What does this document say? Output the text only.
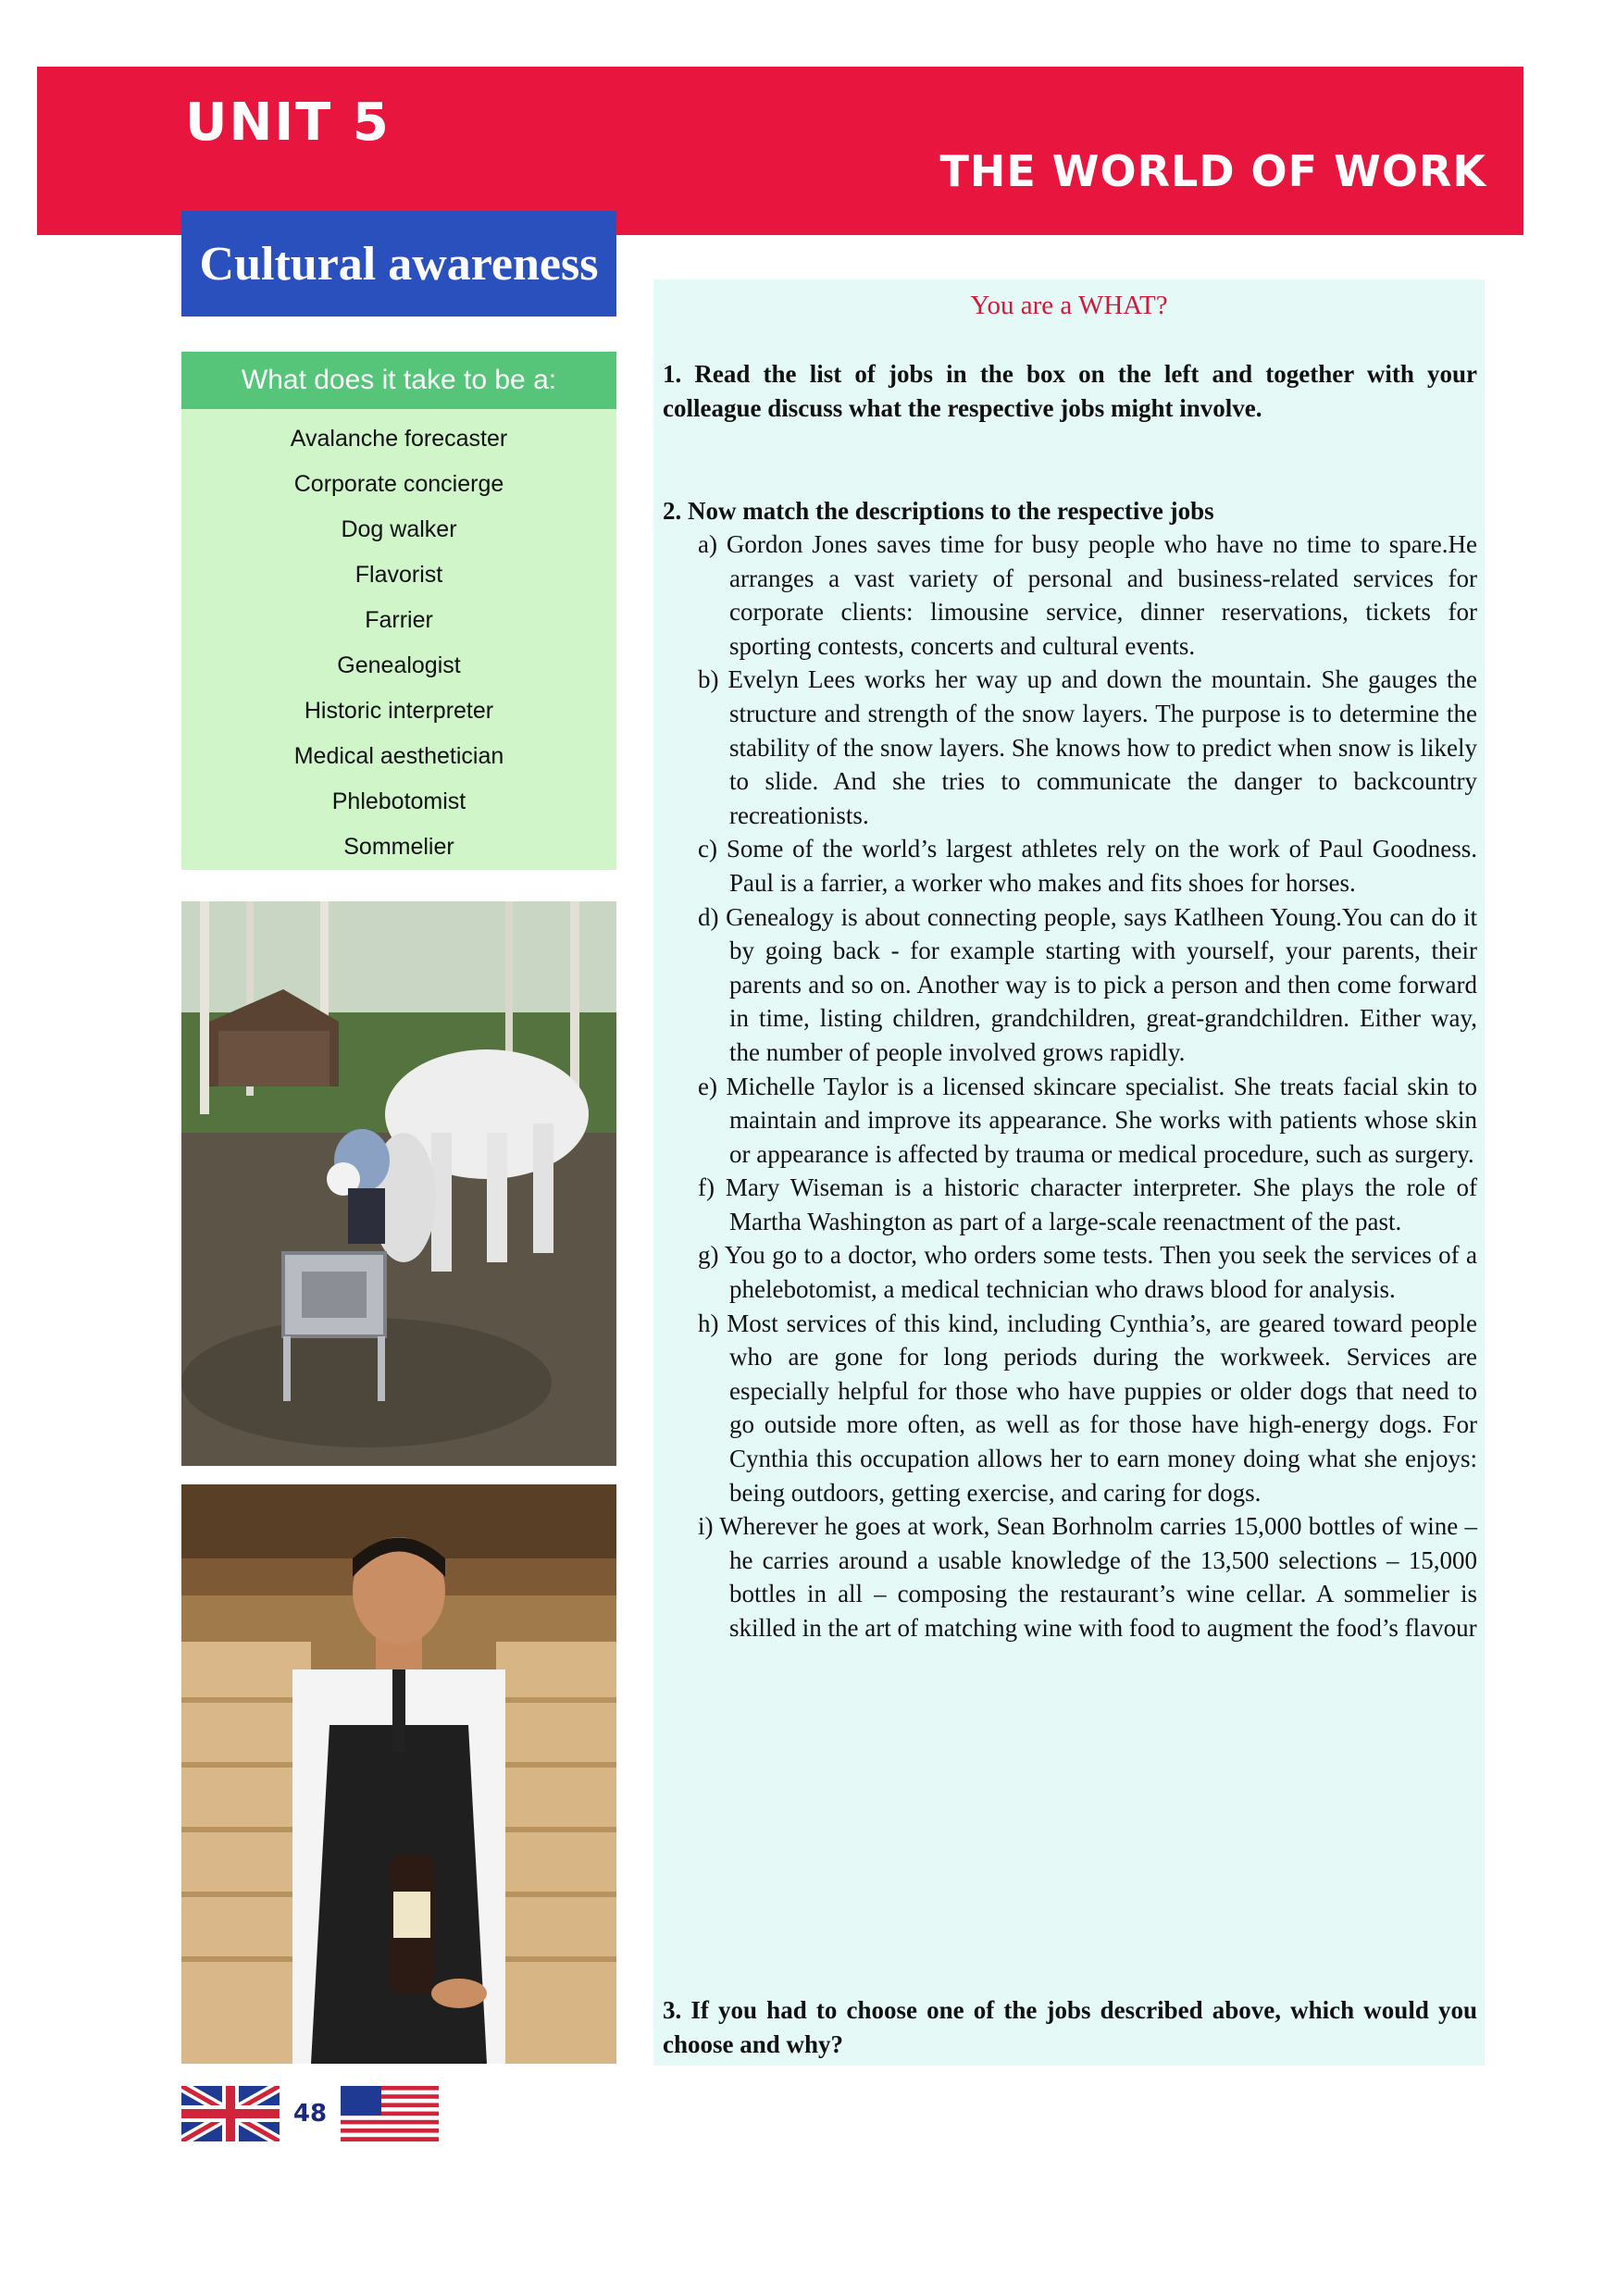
UNIT 5
THE WORLD OF WORK
Cultural awareness
What does it take to be a:
Avalanche forecaster
Corporate concierge
Dog walker
Flavorist
Farrier
Genealogist
Historic interpreter
Medical aesthetician
Phlebotomist
Sommelier
48
You are a WHAT?

1. Read the list of jobs in the box on the left and together with your colleague discuss what the respective jobs might involve.

2. Now match the descriptions to the respective jobs

a) Gordon Jones saves time for busy people who have no time to spare.He arranges a vast variety of personal and business-related services for corporate clients: limousine service, dinner reservations, tickets for sporting contests, concerts and cultural events.
b) Evelyn Lees works her way up and down the mountain. She gauges the structure and strength of the snow layers. The purpose is to determine the stability of the snow layers. She knows how to predict when snow is likely to slide. And she tries to communicate the danger to backcountry recreationists.
c) Some of the world’s largest athletes rely on the work of Paul Goodness. Paul is a farrier, a worker who makes and fits shoes for horses.
d) Genealogy is about connecting people, says Katlheen Young.You can do it by going back - for example starting with yourself, your parents, their parents and so on. Another way is to pick a person and then come forward in time, listing children, grandchildren, great-grandchildren. Either way, the number of people involved grows rapidly.
e) Michelle Taylor is a licensed skincare specialist. She treats facial skin to maintain and improve its appearance. She works with patients whose skin or appearance is affected by trauma or medical procedure, such as surgery.
f) Mary Wiseman is a historic character interpreter. She plays the role of Martha Washington as part of a large-scale reenactment of the past.
g) You go to a doctor, who orders some tests. Then you seek the services of a phelebotomist, a medical technician who draws blood for analysis.
h) Most services of this kind, including Cynthia’s, are geared toward people who are gone for long periods during the workweek. Services are especially helpful for those who have puppies or older dogs that need to go outside more often, as well as for those have high-energy dogs. For Cynthia this occupation allows her to earn money doing what she enjoys: being outdoors, getting exercise, and caring for dogs.
i) Wherever he goes at work, Sean Borhnolm carries 15,000 bottles of wine – he carries around a usable knowledge of the 13,500 selections – 15,000 bottles in all – composing the restaurant’s wine cellar. A sommelier is skilled in the art of matching wine with food to augment the food’s flavour

3. If you had to choose one of the jobs described above, which would you choose and why?
